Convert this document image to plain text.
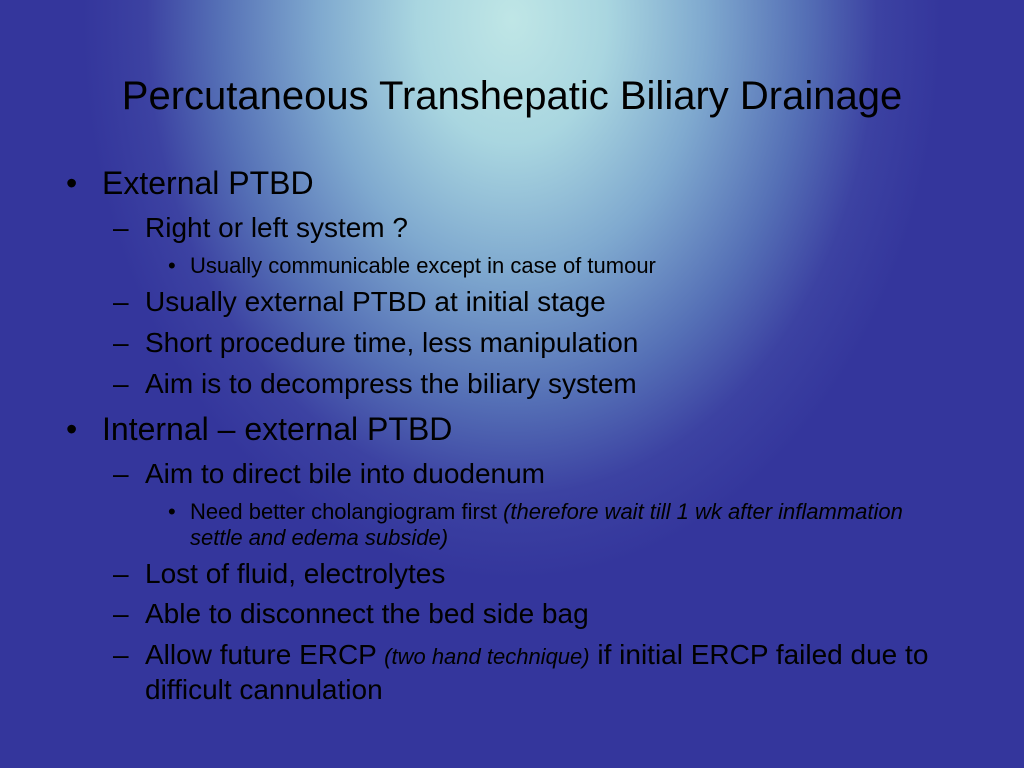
Percutaneous Transhepatic Biliary Drainage
• External PTBD
– Right or left system ?
• Usually communicable except in case of tumour
– Usually external PTBD at initial stage
– Short procedure time, less manipulation
– Aim is to decompress the biliary system
• Internal – external PTBD
– Aim to direct bile into duodenum
• Need better cholangiogram first (therefore wait till 1 wk after inflammation settle and edema subside)
– Lost of fluid, electrolytes
– Able to disconnect the bed side bag
– Allow future ERCP (two hand technique) if initial ERCP failed due to difficult cannulation
